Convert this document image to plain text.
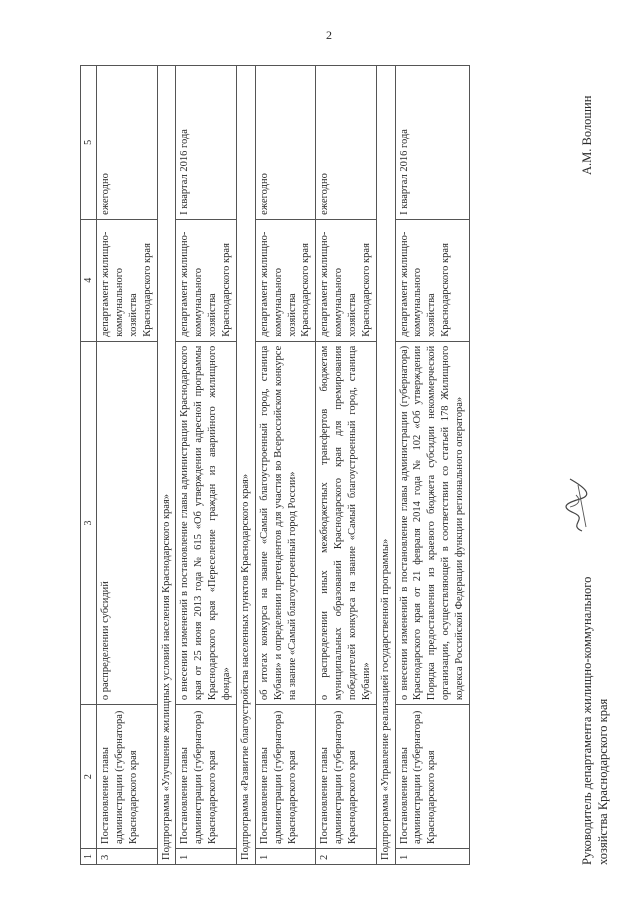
2
1	2	3	4	5
3	Постановление главы администрации (губернатора) Краснодарского края	о распределении субсидий	департамент жилищно-коммунального хозяйства Краснодарского края	ежегодно
Подпрограмма «Улучшение жилищных условий населения Краснодарского края»				
1	Постановление главы администрации (губернатора) Краснодарского края	о внесении изменений в постановление главы администрации Краснодарского края от 25 июня 2013 года № 615 «Об утверждении адресной программы Краснодарского края «Переселение граждан из аварийного жилищного фонда»	департамент жилищно-коммунального хозяйства Краснодарского края	I квартал 2016 года
Подпрограмма «Развитие благоустройства населенных пунктов Краснодарского края»				
1	Постановление главы администрации (губернатора) Краснодарского края	об итогах конкурса на звание «Самый благоустроенный город, станица Кубани» и определении претендентов для участия во Всероссийском конкурсе на звание «Самый благоустроенный город России»	департамент жилищно-коммунального хозяйства Краснодарского края	ежегодно
2	Постановление главы администрации (губернатора) Краснодарского края	о распределении иных межбюджетных трансфертов бюджетам муниципальных образований Краснодарского края для премирования победителей конкурса на звание «Самый благоустроенный город, станица Кубани»	департамент жилищно-коммунального хозяйства Краснодарского края	ежегодно
Подпрограмма «Управление реализацией государственной программы»				
1	Постановление главы администрации (губернатора) Краснодарского края	о внесении изменений в постановление главы администрации (губернатора) Краснодарского края от 21 февраля 2014 года № 102 «Об утверждении Порядка предоставления из краевого бюджета субсидии некоммерческой организации, осуществляющей в соответствии со статьей 178 Жилищного кодекса Российской Федерации функции регионального оператора»	департамент жилищно-коммунального хозяйства Краснодарского края	I квартал 2016 года
Руководитель департамента жилищно-коммунального хозяйства Краснодарского края
А.М. Волошин
